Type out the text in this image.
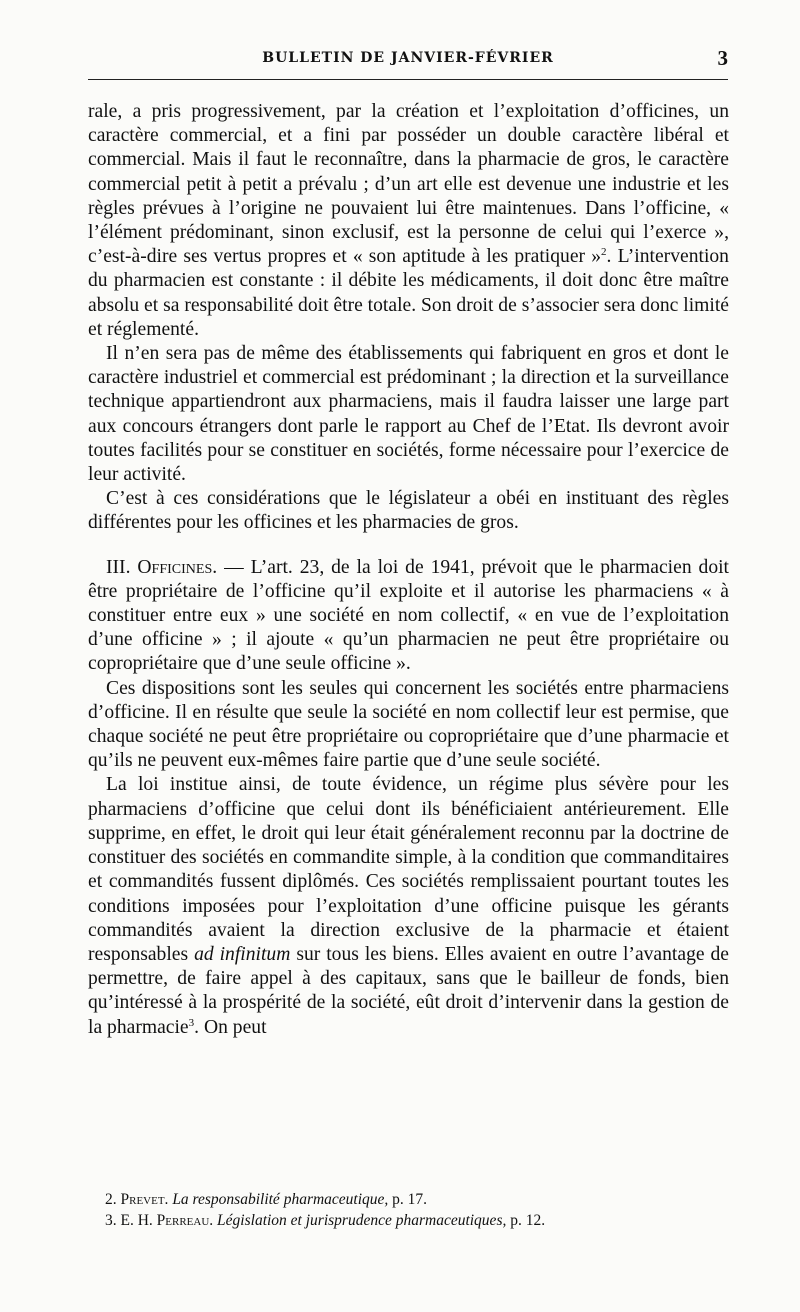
BULLETIN DE JANVIER-FÉVRIER	3

rale, a pris progressivement, par la création et l’exploitation d’officines, un caractère commercial, et a fini par posséder un double caractère libéral et commercial. Mais il faut le reconnaître, dans la pharmacie de gros, le caractère commercial petit à petit a prévalu ; d’un art elle est devenue une industrie et les règles prévues à l’origine ne pouvaient lui être maintenues. Dans l’officine, « l’élément prédominant, sinon exclusif, est la personne de celui qui l’exerce », c’est-à-dire ses vertus propres et « son aptitude à les pratiquer »$^2$. L’intervention du pharmacien est constante : il débite les médicaments, il doit donc être maître absolu et sa responsabilité doit être totale. Son droit de s’associer sera donc limité et réglementé.

Il n’en sera pas de même des établissements qui fabriquent en gros et dont le caractère industriel et commercial est prédominant ; la direction et la surveillance technique appartiendront aux pharmaciens, mais il faudra laisser une large part aux concours étrangers dont parle le rapport au Chef de l’Etat. Ils devront avoir toutes facilités pour se constituer en sociétés, forme nécessaire pour l’exercice de leur activité.

C’est à ces considérations que le législateur a obéi en instituant des règles différentes pour les officines et les pharmacies de gros.

III. Officines. — L’art. 23, de la loi de 1941, prévoit que le pharmacien doit être propriétaire de l’officine qu’il exploite et il autorise les pharmaciens « à constituer entre eux » une société en nom collectif, « en vue de l’exploitation d’une officine » ; il ajoute « qu’un pharmacien ne peut être propriétaire ou copropriétaire que d’une seule officine ».

Ces dispositions sont les seules qui concernent les sociétés entre pharmaciens d’officine. Il en résulte que seule la société en nom collectif leur est permise, que chaque société ne peut être propriétaire ou copropriétaire que d’une pharmacie et qu’ils ne peuvent eux-mêmes faire partie que d’une seule société.

La loi institue ainsi, de toute évidence, un régime plus sévère pour les pharmaciens d’officine que celui dont ils bénéficiaient antérieurement. Elle supprime, en effet, le droit qui leur était généralement reconnu par la doctrine de constituer des sociétés en commandite simple, à la condition que commanditaires et commandités fussent diplômés. Ces sociétés remplissaient pourtant toutes les conditions imposées pour l’exploitation d’une officine puisque les gérants commandités avaient la direction exclusive de la pharmacie et étaient responsables ad infinitum sur tous les biens. Elles avaient en outre l’avantage de permettre, de faire appel à des capitaux, sans que le bailleur de fonds, bien qu’intéressé à la prospérité de la société, eût droit d’intervenir dans la gestion de la pharmacie$^3$. On peut

2. Prevet. La responsabilité pharmaceutique, p. 17.

3. E. H. Perreau. Législation et jurisprudence pharmaceutiques, p. 12.
